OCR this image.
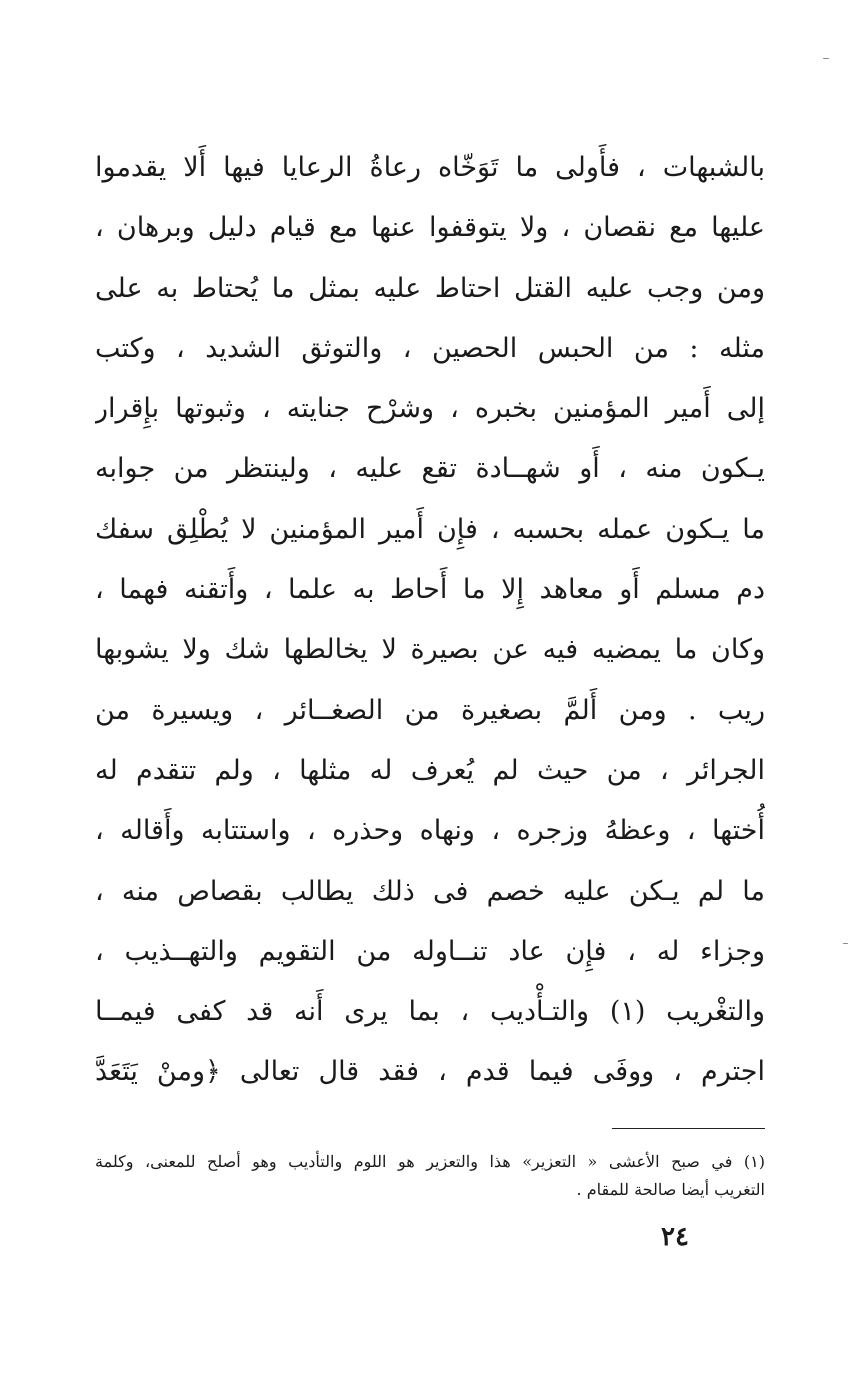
بالشبهات ، فأَولى ما تَوَخّاه رعاةُ الرعايا فيها أَلا يقدموا
عليها مع نقصان ، ولا يتوقفوا عنها مع قيام دليل وبرهان ،
ومن وجب عليه القتل احتاط عليه بمثل ما يُحتاط به على
مثله : من الحبس الحصين ، والتوثق الشديد ، وكتب
إلى أَمير المؤمنين بخبره ، وشرْح جنايته ، وثبوتها بإِقرار
يـكون منه ، أَو شهــادة تقع عليه ، ولينتظر من جوابه
ما يـكون عمله بحسبه ، فإِن أَمير المؤمنين لا يُطْلِق سفك
دم مسلم أَو معاهد إِلا ما أَحاط به علما ، وأَتقنه فهما ،
وكان ما يمضيه فيه عن بصيرة لا يخالطها شك ولا يشوبها
ريب . ومن أَلمَّ بصغيرة من الصغــائر ، ويسيرة من
الجرائر ، من حيث لم يُعرف له مثلها ، ولم تتقدم له
أُختها ، وعظهُ وزجره ، ونهاه وحذره ، واستتابه وأَقاله ،
ما لم يـكن عليه خصم فى ذلك يطالب بقصاص منه ،
وجزاء له ، فإِن عاد تنــاوله من التقويم والتهــذيب ،
والتغْريب (١) والتـأْديب ، بما يرى أَنه قد كفى فيمــا
اجترم ، ووفَى فيما قدم ، فقد قال تعالى ﴿ومنْ يَتَعَدَّ
(١) في صبح الأعشى « التعزير» هذا والتعزير هو اللوم والتأديب وهو أصلح للمعنى، وكلمة
التغريب أيضا صالحة للمقام .
٢٤
